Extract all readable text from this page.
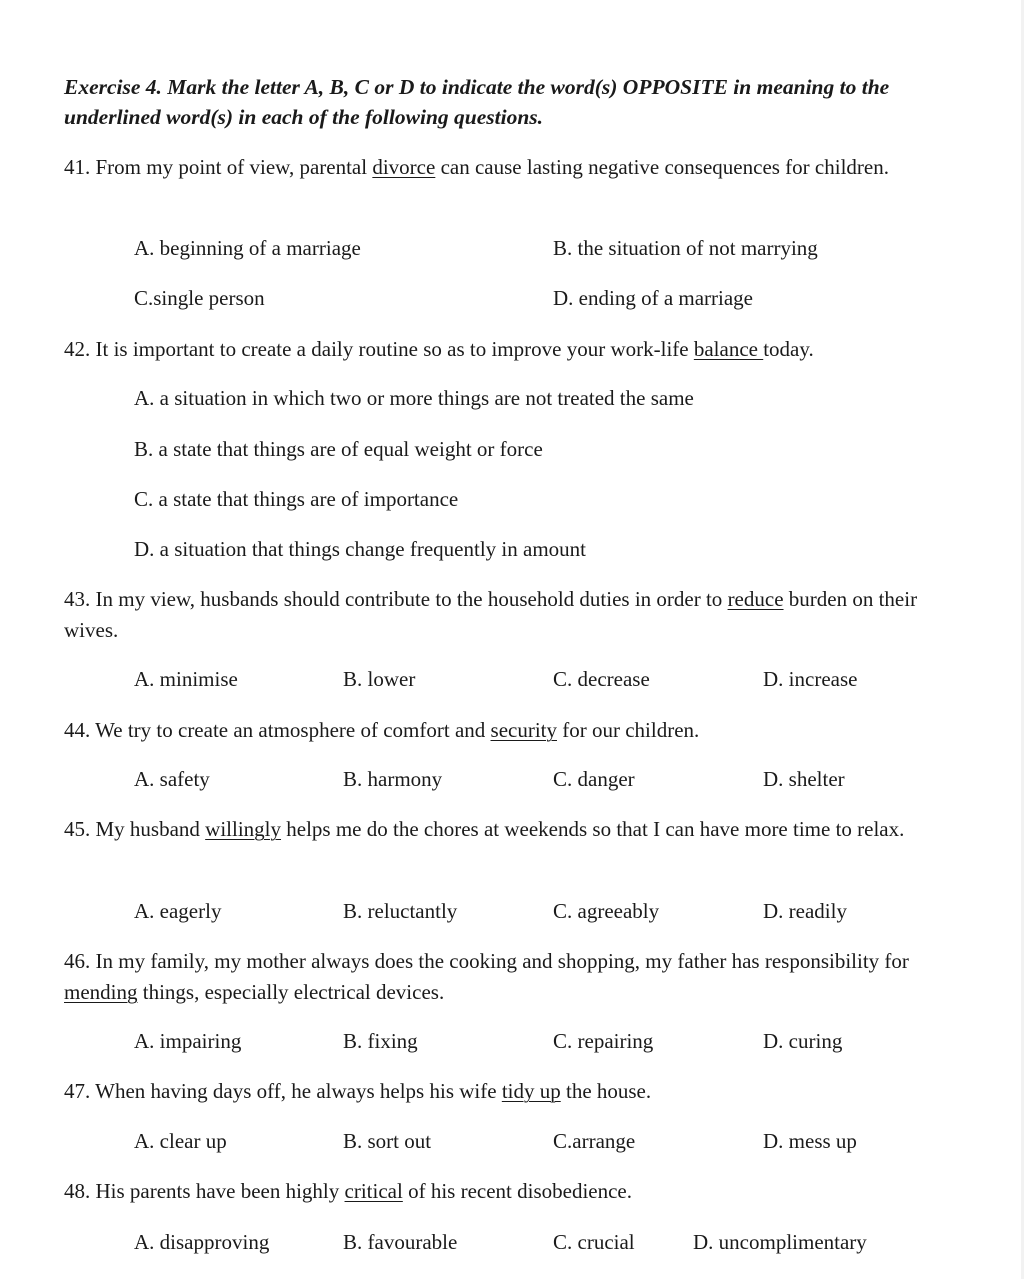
Exercise 4. Mark the letter A, B, C or D to indicate the word(s) OPPOSITE in meaning to the underlined word(s) in each of the following questions.
41. From my point of view, parental divorce can cause lasting negative consequences for children.
A. beginning of a marriage	B. the situation of not marrying
C.single person	D. ending of a marriage
42. It is important to create a daily routine so as to improve your work-life balance today.
A. a situation in which two or more things are not treated the same
B. a state that things are of equal weight or force
C. a state that things are of importance
D. a situation that things change frequently in amount
43. In my view, husbands should contribute to the household duties in order to reduce burden on their wives.
A. minimise	B. lower	C. decrease	D. increase
44. We try to create an atmosphere of comfort and security for our children.
A. safety	B. harmony	C. danger	D. shelter
45. My husband willingly helps me do the chores at weekends so that I can have more time to relax.
A. eagerly	B. reluctantly	C. agreeably	D. readily
46. In my family, my mother always does the cooking and shopping, my father has responsibility for mending things, especially electrical devices.
A. impairing	B. fixing	C. repairing	D. curing
47. When having days off, he always helps his wife tidy up the house.
A. clear up	B. sort out	C.arrange	D. mess up
48. His parents have been highly critical of his recent disobedience.
A. disapproving	B. favourable	C. crucial	D. uncomplimentary
